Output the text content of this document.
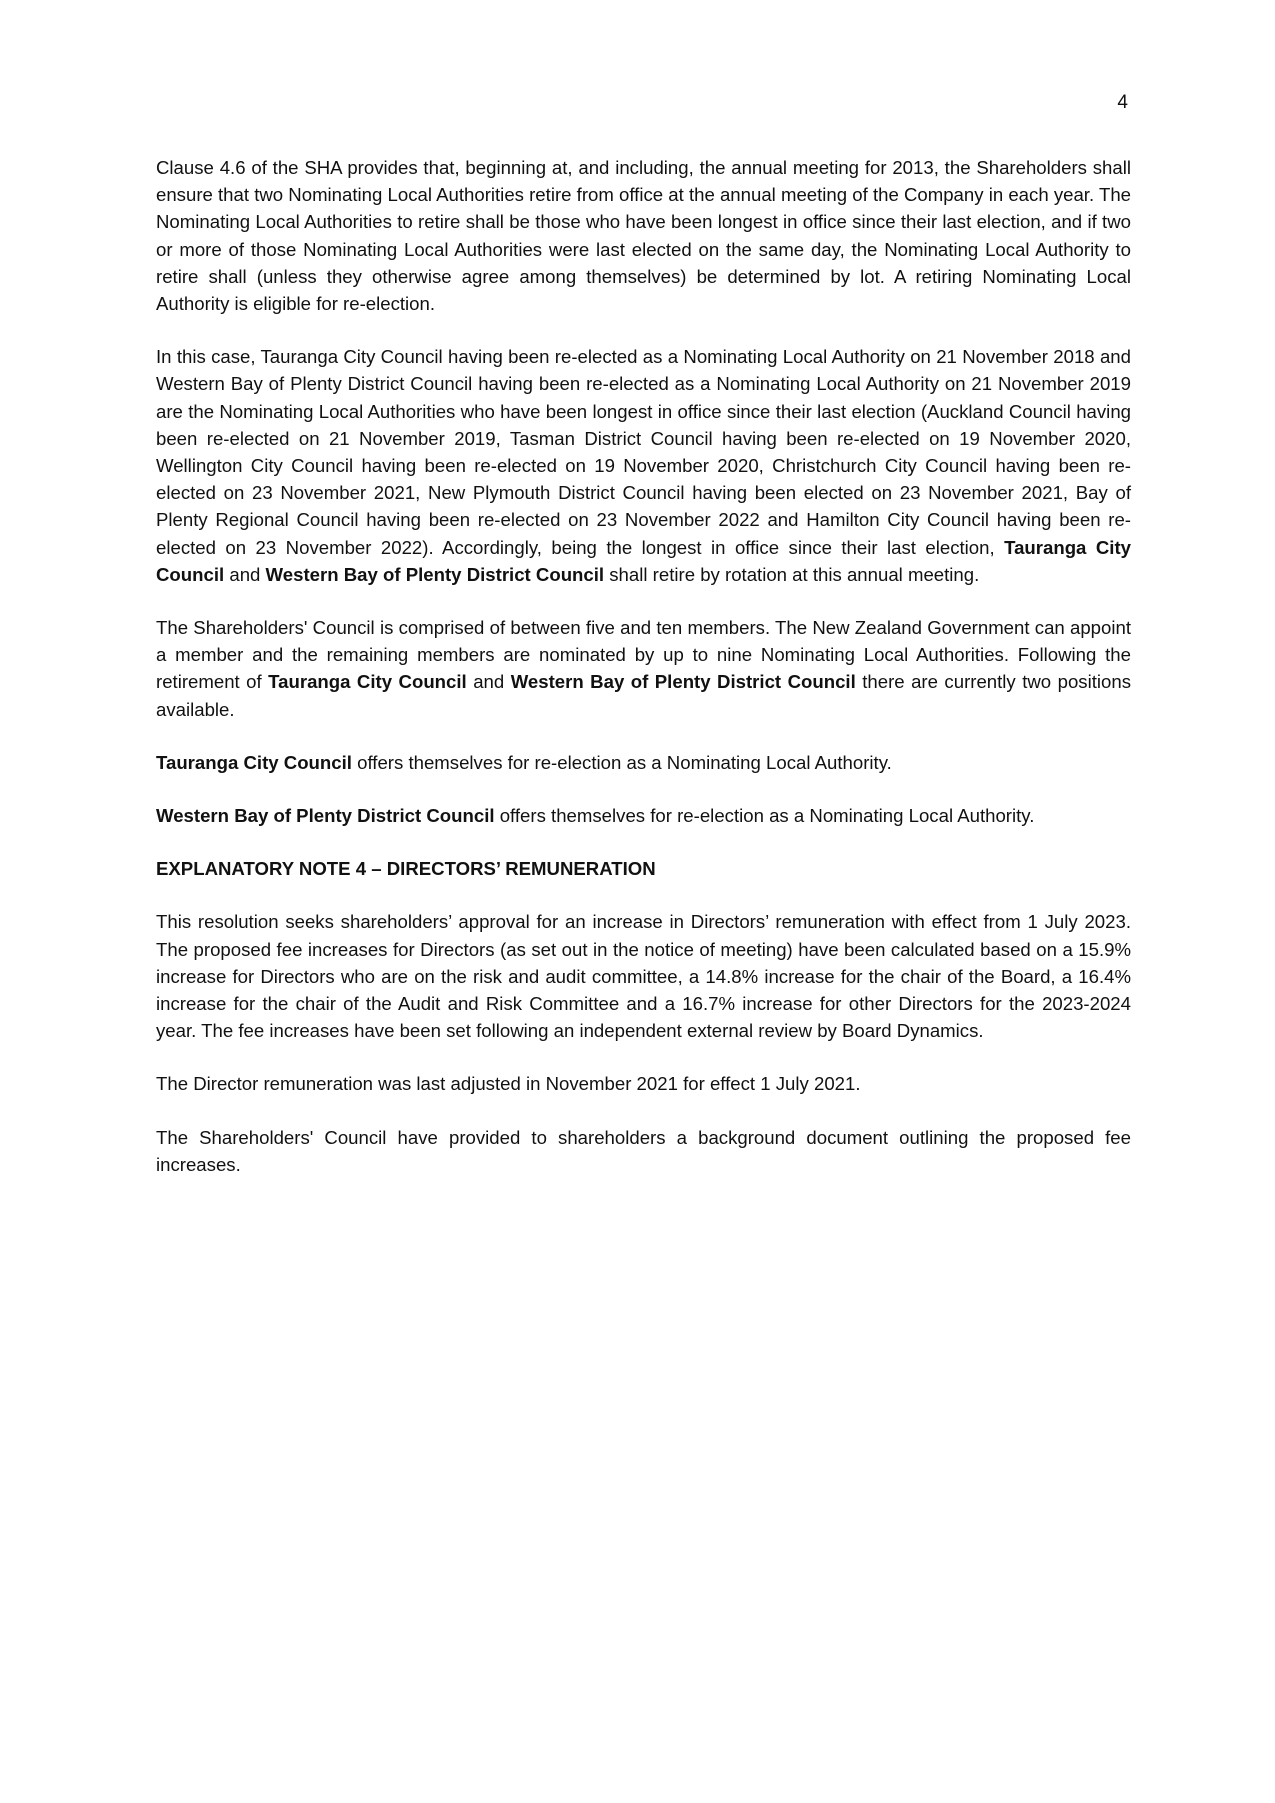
4

Clause 4.6 of the SHA provides that, beginning at, and including, the annual meeting for 2013, the Shareholders shall ensure that two Nominating Local Authorities retire from office at the annual meeting of the Company in each year. The Nominating Local Authorities to retire shall be those who have been longest in office since their last election, and if two or more of those Nominating Local Authorities were last elected on the same day, the Nominating Local Authority to retire shall (unless they otherwise agree among themselves) be determined by lot. A retiring Nominating Local Authority is eligible for re-election.

In this case, Tauranga City Council having been re-elected as a Nominating Local Authority on 21 November 2018 and Western Bay of Plenty District Council having been re-elected as a Nominating Local Authority on 21 November 2019 are the Nominating Local Authorities who have been longest in office since their last election (Auckland Council having been re-elected on 21 November 2019, Tasman District Council having been re-elected on 19 November 2020, Wellington City Council having been re-elected on 19 November 2020, Christchurch City Council having been re-elected on 23 November 2021, New Plymouth District Council having been elected on 23 November 2021, Bay of Plenty Regional Council having been re-elected on 23 November 2022 and Hamilton City Council having been re-elected on 23 November 2022). Accordingly, being the longest in office since their last election, Tauranga City Council and Western Bay of Plenty District Council shall retire by rotation at this annual meeting.

The Shareholders' Council is comprised of between five and ten members. The New Zealand Government can appoint a member and the remaining members are nominated by up to nine Nominating Local Authorities. Following the retirement of Tauranga City Council and Western Bay of Plenty District Council there are currently two positions available.

Tauranga City Council offers themselves for re-election as a Nominating Local Authority.

Western Bay of Plenty District Council offers themselves for re-election as a Nominating Local Authority.

EXPLANATORY NOTE 4 – DIRECTORS’ REMUNERATION

This resolution seeks shareholders’ approval for an increase in Directors’ remuneration with effect from 1 July 2023. The proposed fee increases for Directors (as set out in the notice of meeting) have been calculated based on a 15.9% increase for Directors who are on the risk and audit committee, a 14.8% increase for the chair of the Board, a 16.4% increase for the chair of the Audit and Risk Committee and a 16.7% increase for other Directors for the 2023-2024 year. The fee increases have been set following an independent external review by Board Dynamics.

The Director remuneration was last adjusted in November 2021 for effect 1 July 2021.

The Shareholders' Council have provided to shareholders a background document outlining the proposed fee increases.
